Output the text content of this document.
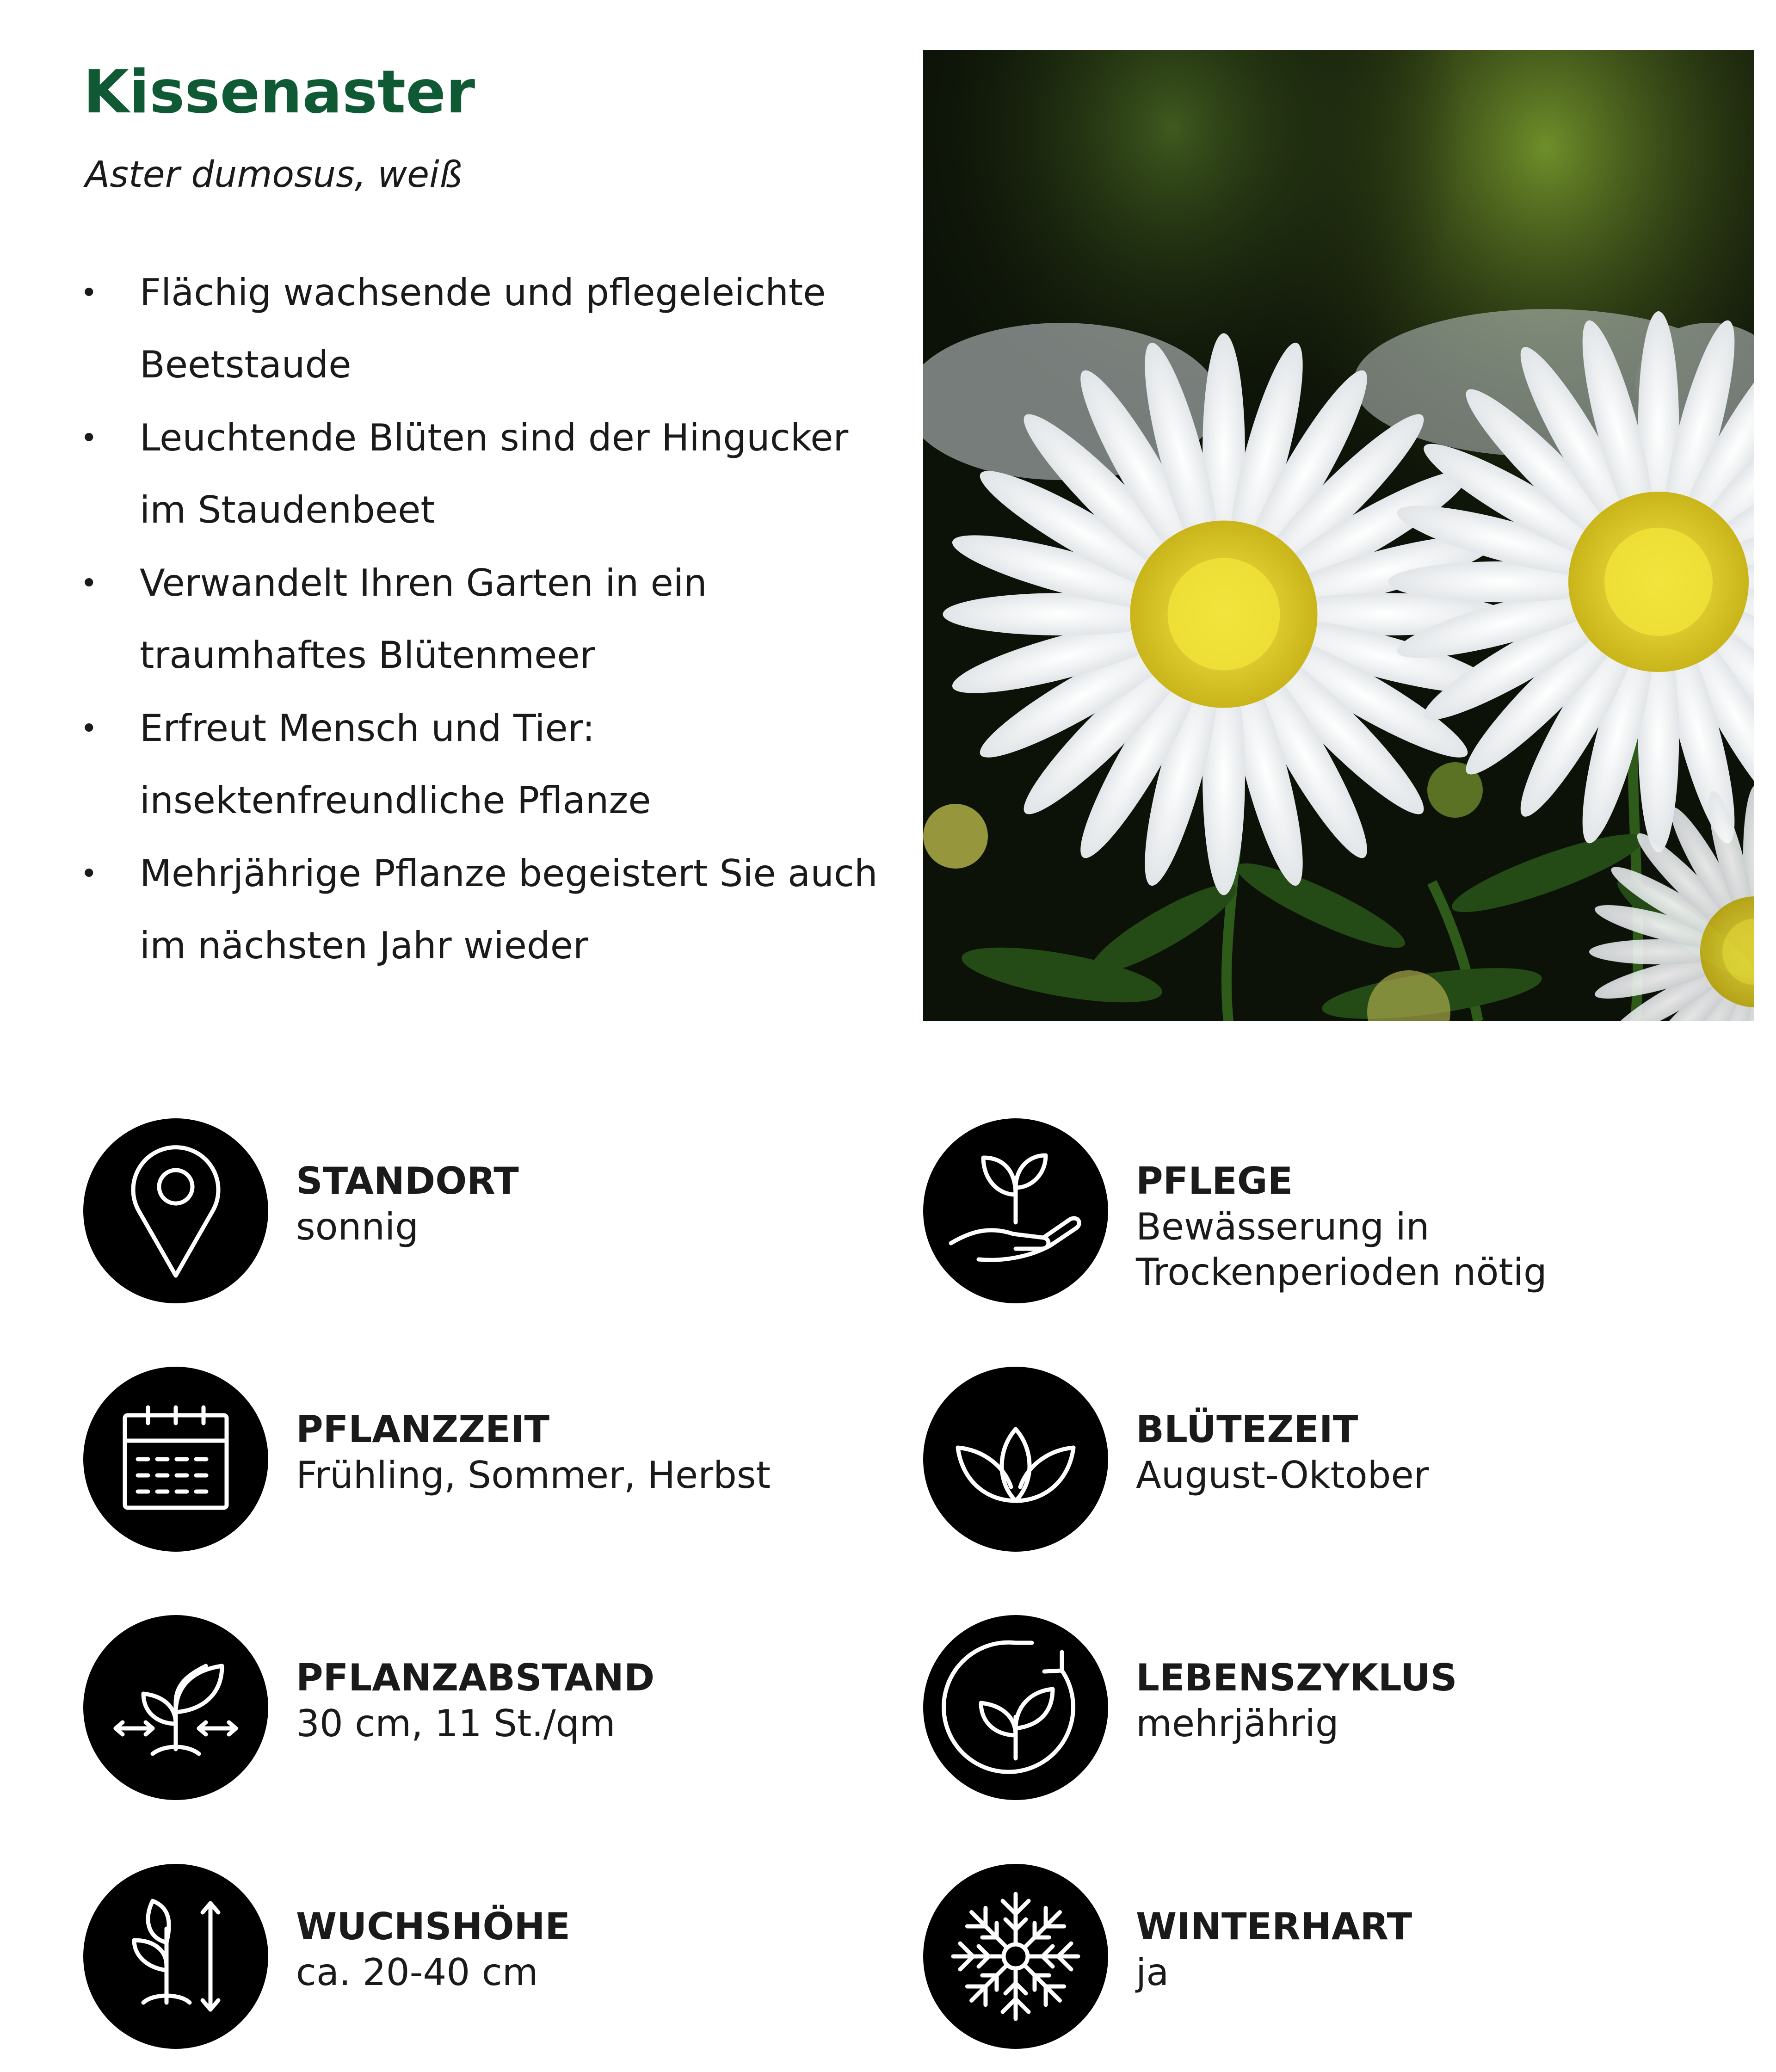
Kissenaster

Aster dumosus, weiß

• Flächig wachsende und pflegeleichte Beetstaude
• Leuchtende Blüten sind der Hingucker im Staudenbeet
• Verwandelt Ihren Garten in ein traumhaftes Blütenmeer
• Erfreut Mensch und Tier: insektenfreundliche Pflanze
• Mehrjährige Pflanze begeistert Sie auch im nächsten Jahr wieder
STANDORT
sonnig
PFLEGE
Bewässerung in Trockenperioden nötig
PFLANZZEIT
Frühling, Sommer, Herbst
BLÜTEZEIT
August-Oktober
PFLANZABSTAND
30 cm, 11 St./qm
LEBENSZYKLUS
mehrjährig
WUCHSHÖHE
ca. 20-40 cm
WINTERHART
ja
